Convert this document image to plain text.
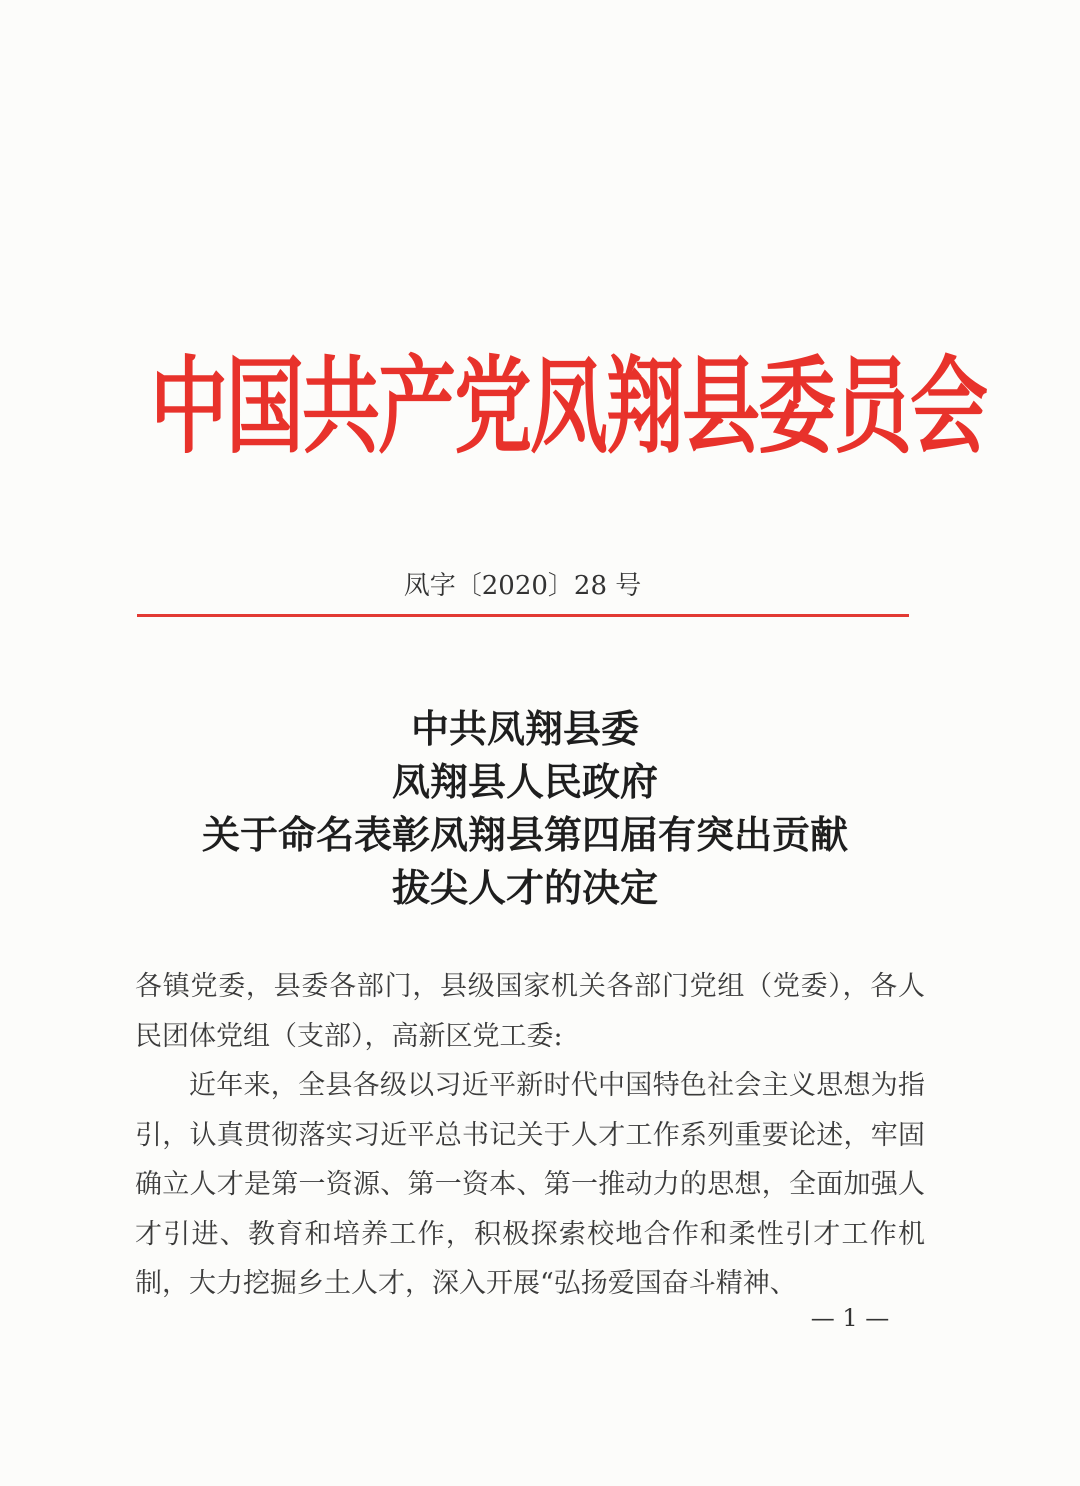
中国共产党凤翔县委员会
凤字〔2020〕28 号
中共凤翔县委
凤翔县人民政府
关于命名表彰凤翔县第四届有突出贡献
拔尖人才的决定

各镇党委，县委各部门，县级国家机关各部门党组（党委），各人民团体党组（支部），高新区党工委:

近年来，全县各级以习近平新时代中国特色社会主义思想为指引，认真贯彻落实习近平总书记关于人才工作系列重要论述，牢固确立人才是第一资源、第一资本、第一推动力的思想，全面加强人才引进、教育和培养工作，积极探索校地合作和柔性引才工作机制，大力挖掘乡土人才，深入开展“弘扬爱国奋斗精神、

— 1 —
